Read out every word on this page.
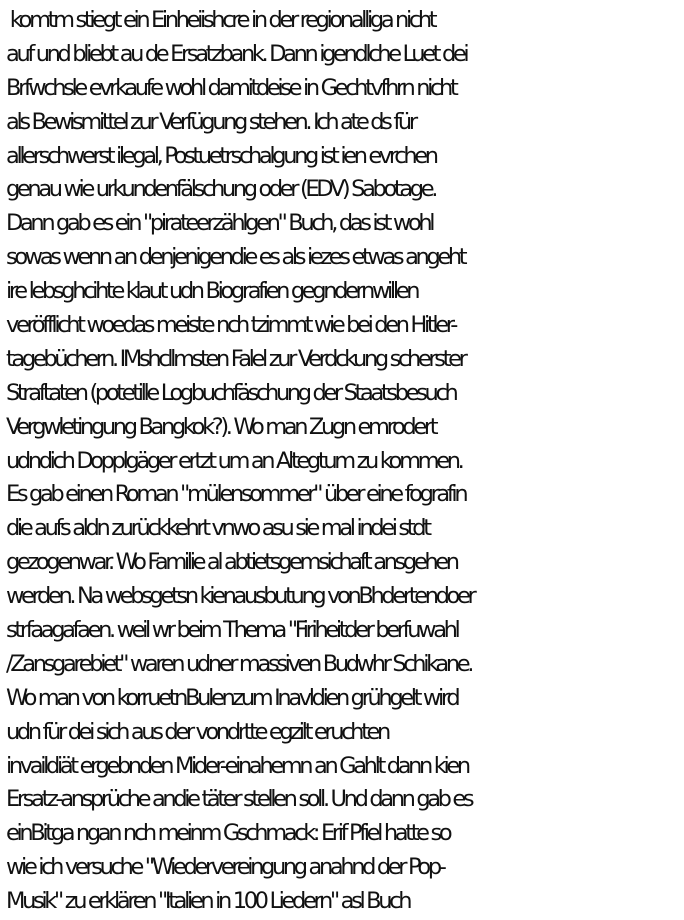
komtm stiegt ein Einheiishcre in der regionalliga nicht
auf und bliebt au de Ersatzbank. Dann igendlche Luet dei
Brfwchsle evrkaufe wohl damitdeise in Gechtvfhrn nicht
als Bewismittel zur Verfügung stehen. Ich ate ds für
allerschwerst ilegal, Postuetrschalgung ist ien evrchen
genau wie urkundenfälschung oder (EDV) Sabotage.
Dann gab es ein "pirateerzählgen" Buch, das ist wohl
sowas wenn an denjenigendie es als iezes etwas angeht
ire lebsghcihte klaut udn Biografien gegndernwillen
veröfflicht woedas meiste nch tzimmt wie bei den Hitler-
tagebüchern. IMshcllmsten Falel zur Verdckung scherster
Straftaten (potetille Logbuchfäschung der Staatsbesuch
Vergwletingung Bangkok?). Wo man Zugn emrodert
udndich Dopplgäger ertzt um an Altegtum zu kommen.
Es gab einen Roman "mülensommer" über eine fografin
die aufs aldn zurückkehrt vnwo asu sie mal indei stdt
gezogenwar. Wo Familie al abtietsgemsichaft ansgehen
werden. Na websgetsn kienausbutung vonBhdertendoer
strfaagafaen. weil wr beim Thema "Firiheitder berfuwahl
/Zansgarebiet" waren udner massiven Budwhr Schikane.
Wo man von korruetnBulenzum Inavldien grühgelt wird
udn für dei sich aus der vondrtte egzilt eruchten
invaildiät ergebnden Mider-einahemn an Gahlt dann kien
Ersatz-ansprüche andie täter stellen soll. Und dann gab es
einBitga ngan nch meinm Gschmack: Erif Pfiel hatte so
wie ich versuche "Wiedervereingung anahnd der Pop-
Musik" zu erklären "Italien in 100 Liedern" asl Buch
